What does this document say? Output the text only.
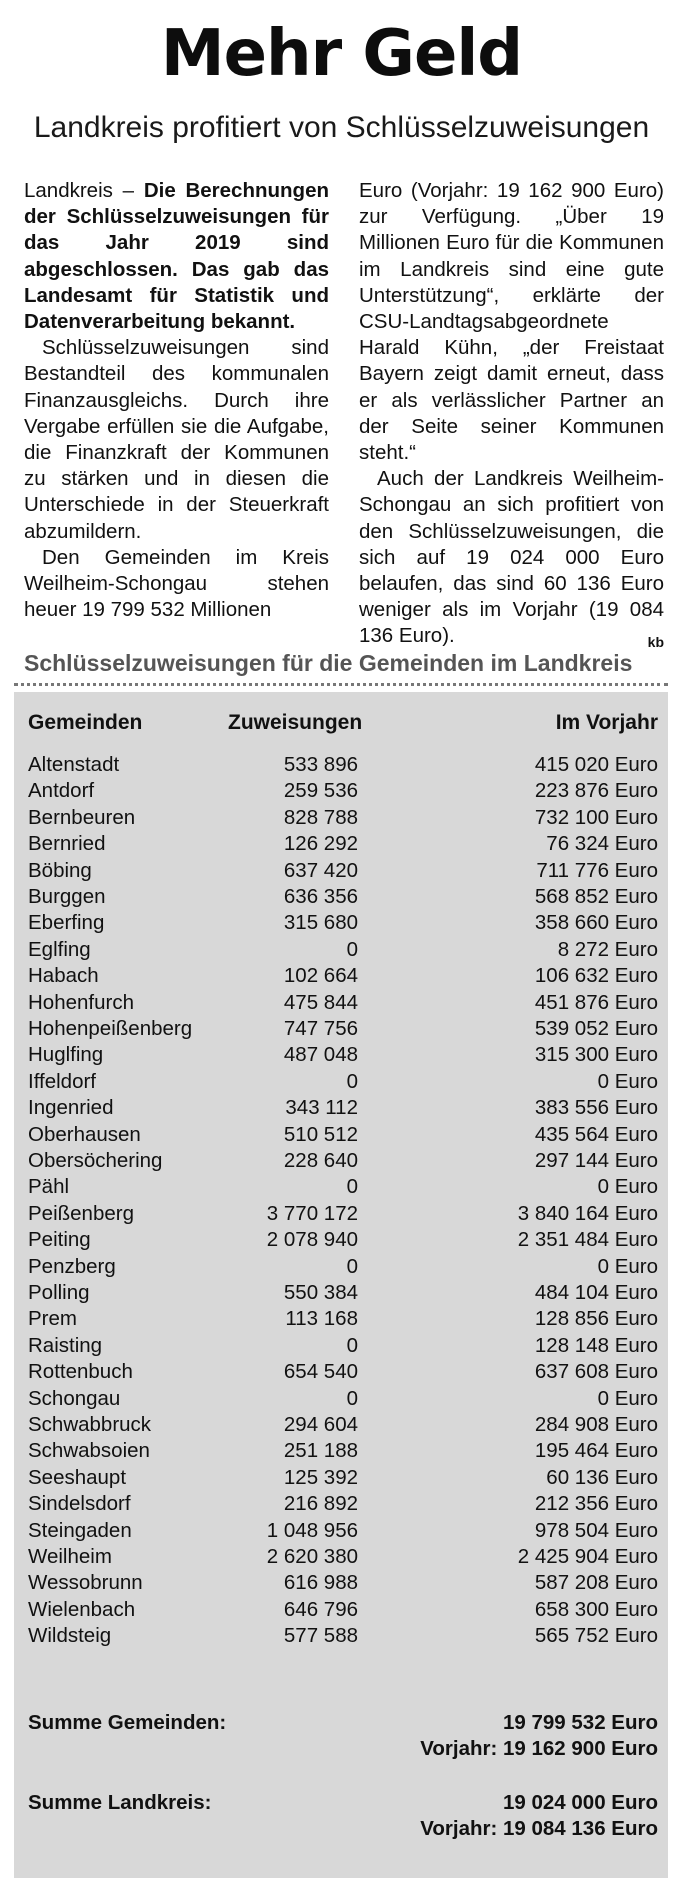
Mehr Geld
Landkreis profitiert von Schlüsselzuweisungen

Landkreis – Die Berechnungen der Schlüsselzuweisungen für das Jahr 2019 sind abgeschlossen. Das gab das Landesamt für Statistik und Datenverarbeitung bekannt.

Schlüsselzuweisungen sind Bestandteil des kommunalen Finanzausgleichs. Durch ihre Vergabe erfüllen sie die Aufgabe, die Finanzkraft der Kommunen zu stärken und in diesen die Unterschiede in der Steuerkraft abzumildern.

Den Gemeinden im Kreis Weilheim-Schongau stehen heuer 19 799 532 Millionen

Euro (Vorjahr: 19 162 900 Euro) zur Verfügung. „Über 19 Millionen Euro für die Kommunen im Landkreis sind eine gute Unterstützung“, erklärte der CSU-Landtagsabgeordnete Harald Kühn, „der Freistaat Bayern zeigt damit erneut, dass er als verlässlicher Partner an der Seite seiner Kommunen steht.“

Auch der Landkreis Weilheim-Schongau an sich profitiert von den Schlüsselzuweisungen, die sich auf 19 024 000 Euro belaufen, das sind 60 136 Euro weniger als im Vorjahr (19 084 136 Euro).	kb

Schlüsselzuweisungen für die Gemeinden im Landkreis
Gemeinden	Zuweisungen	Im Vorjahr
Altenstadt	533 896	415 020 Euro
Antdorf	259 536	223 876 Euro
Bernbeuren	828 788	732 100 Euro
Bernried	126 292	76 324 Euro
Böbing	637 420	711 776 Euro
Burggen	636 356	568 852 Euro
Eberfing	315 680	358 660 Euro
Eglfing	0	8 272 Euro
Habach	102 664	106 632 Euro
Hohenfurch	475 844	451 876 Euro
Hohenpeißenberg	747 756	539 052 Euro
Huglfing	487 048	315 300 Euro
Iffeldorf	0	0 Euro
Ingenried	343 112	383 556 Euro
Oberhausen	510 512	435 564 Euro
Obersöchering	228 640	297 144 Euro
Pähl	0	0 Euro
Peißenberg	3 770 172	3 840 164 Euro
Peiting	2 078 940	2 351 484 Euro
Penzberg	0	0 Euro
Polling	550 384	484 104 Euro
Prem	113 168	128 856 Euro
Raisting	0	128 148 Euro
Rottenbuch	654 540	637 608 Euro
Schongau	0	0 Euro
Schwabbruck	294 604	284 908 Euro
Schwabsoien	251 188	195 464 Euro
Seeshaupt	125 392	60 136 Euro
Sindelsdorf	216 892	212 356 Euro
Steingaden	1 048 956	978 504 Euro
Weilheim	2 620 380	2 425 904 Euro
Wessobrunn	616 988	587 208 Euro
Wielenbach	646 796	658 300 Euro
Wildsteig	577 588	565 752 Euro
Summe Gemeinden:	19 799 532 Euro
Vorjahr: 19 162 900 Euro
Summe Landkreis:	19 024 000 Euro
Vorjahr: 19 084 136 Euro
